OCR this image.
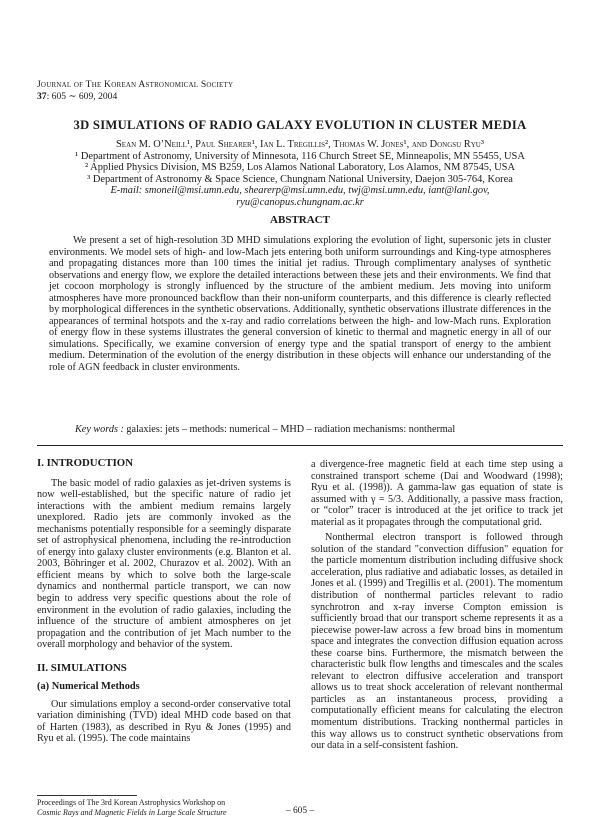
Journal of The Korean Astronomical Society
37: 605 ∼ 609, 2004
3D SIMULATIONS OF RADIO GALAXY EVOLUTION IN CLUSTER MEDIA

Sean M. O’Neill¹, Paul Shearer¹, Ian L. Tregillis², Thomas W. Jones¹, and Dongsu Ryu³

¹ Department of Astronomy, University of Minnesota, 116 Church Street SE, Minneapolis, MN 55455, USA

² Applied Physics Division, MS B259, Los Alamos National Laboratory, Los Alamos, NM 87545, USA

³ Department of Astronomy & Space Science, Chungnam National University, Daejon 305-764, Korea

E-mail: smoneil@msi.umn.edu, shearerp@msi.umn.edu, twj@msi.umn.edu, iant@lanl.gov,

ryu@canopus.chungnam.ac.kr

ABSTRACT

We present a set of high-resolution 3D MHD simulations exploring the evolution of light, supersonic jets in cluster environments. We model sets of high- and low-Mach jets entering both uniform surroundings and King-type atmospheres and propagating distances more than 100 times the initial jet radius. Through complimentary analyses of synthetic observations and energy flow, we explore the detailed interactions between these jets and their environments. We find that jet cocoon morphology is strongly influenced by the structure of the ambient medium. Jets moving into uniform atmospheres have more pronounced backflow than their non-uniform counterparts, and this difference is clearly reflected by morphological differences in the synthetic observations. Additionally, synthetic observations illustrate differences in the appearances of terminal hotspots and the x-ray and radio correlations between the high- and low-Mach runs. Exploration of energy flow in these systems illustrates the general conversion of kinetic to thermal and magnetic energy in all of our simulations. Specifically, we examine conversion of energy type and the spatial transport of energy to the ambient medium. Determination of the evolution of the energy distribution in these objects will enhance our understanding of the role of AGN feedback in cluster environments.

Key words : galaxies: jets – methods: numerical – MHD – radiation mechanisms: nonthermal
I. INTRODUCTION

The basic model of radio galaxies as jet-driven systems is now well-established, but the specific nature of radio jet interactions with the ambient medium remains largely unexplored. Radio jets are commonly invoked as the mechanisms potentially responsible for a seemingly disparate set of astrophysical phenomena, including the re-introduction of energy into galaxy cluster environments (e.g. Blanton et al. 2003, Böhringer et al. 2002, Churazov et al. 2002). With an efficient means by which to solve both the large-scale dynamics and nonthermal particle transport, we can now begin to address very specific questions about the role of environment in the evolution of radio galaxies, including the influence of the structure of ambient atmospheres on jet propagation and the contribution of jet Mach number to the overall morphology and behavior of the system.

II. SIMULATIONS
(a) Numerical Methods

Our simulations employ a second-order conservative total variation diminishing (TVD) ideal MHD code based on that of Harten (1983), as described in Ryu & Jones (1995) and Ryu et al. (1995). The code maintains

a divergence-free magnetic field at each time step using a constrained transport scheme (Dai and Woodward (1998); Ryu et al. (1998)). A gamma-law gas equation of state is assumed with γ = 5/3. Additionally, a passive mass fraction, or “color” tracer is introduced at the jet orifice to track jet material as it propagates through the computational grid.

Nonthermal electron transport is followed through solution of the standard "convection diffusion" equation for the particle momentum distribution including diffusive shock acceleration, plus radiative and adiabatic losses, as detailed in Jones et al. (1999) and Tregillis et al. (2001). The momentum distribution of nonthermal particles relevant to radio synchrotron and x-ray inverse Compton emission is sufficiently broad that our transport scheme represents it as a piecewise power-law across a few broad bins in momentum space and integrates the convection diffusion equation across these coarse bins. Furthermore, the mismatch between the characteristic bulk flow lengths and timescales and the scales relevant to electron diffusive acceleration and transport allows us to treat shock acceleration of relevant nonthermal particles as an instantaneous process, providing a computationally efficient means for calculating the electron momentum distributions. Tracking nonthermal particles in this way allows us to construct synthetic observations from our data in a self-consistent fashion.

Proceedings of The 3rd Korean Astrophysics Workshop on
Cosmic Rays and Magnetic Fields in Large Scale Structure	– 605 –
